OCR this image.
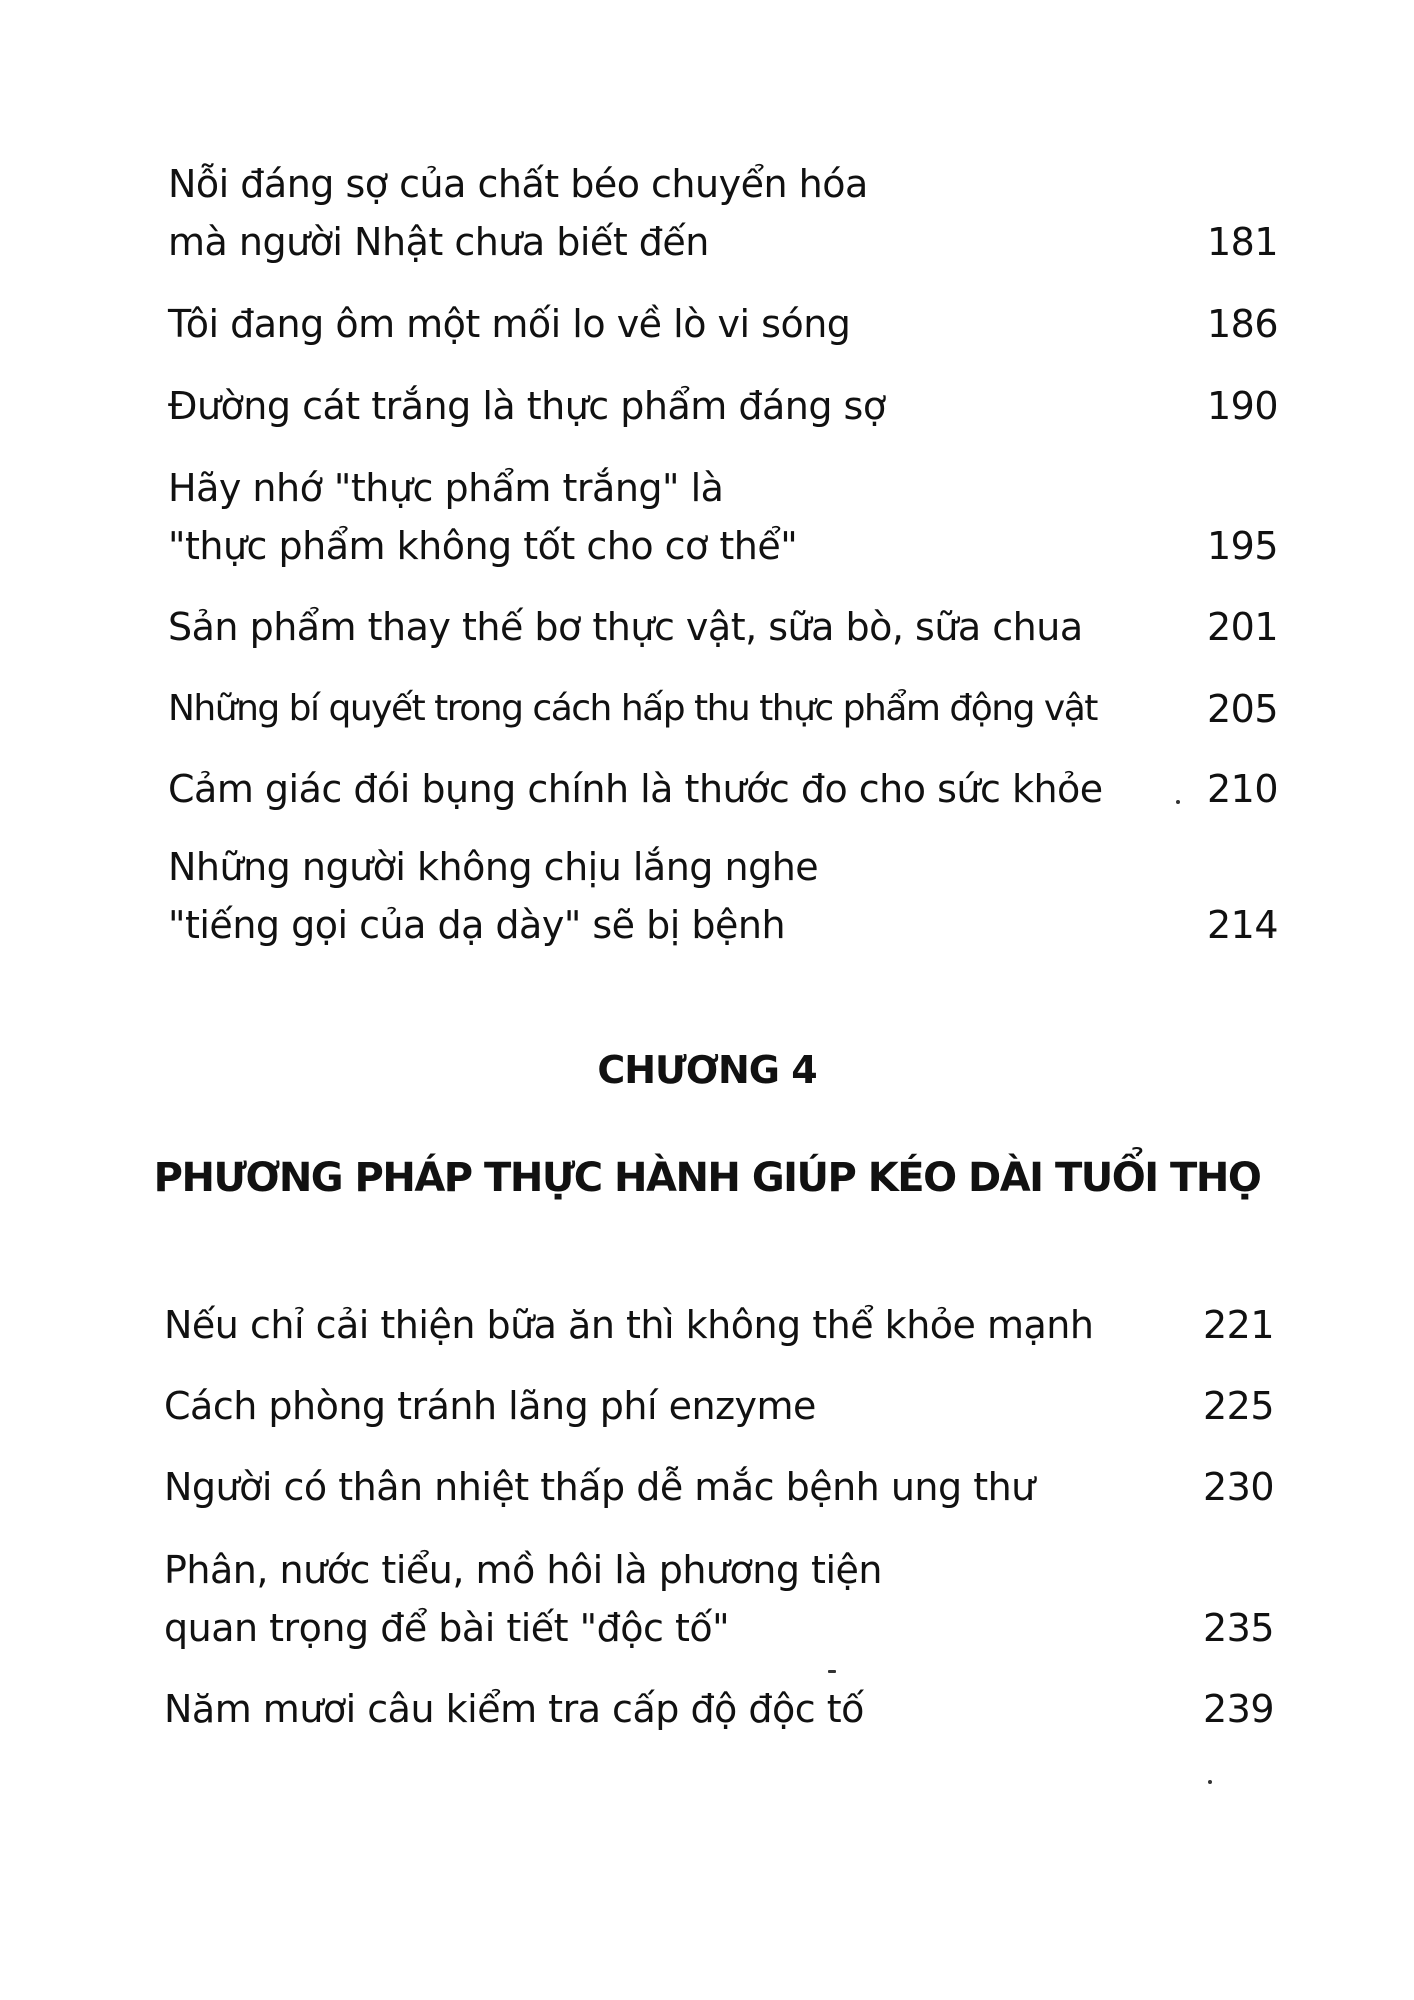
Nỗi đáng sợ của chất béo chuyển hóa
mà người Nhật chưa biết đến	181
Tôi đang ôm một mối lo về lò vi sóng	186
Đường cát trắng là thực phẩm đáng sợ	190
Hãy nhớ "thực phẩm trắng" là
"thực phẩm không tốt cho cơ thể"	195
Sản phẩm thay thế bơ thực vật, sữa bò, sữa chua	201
Những bí quyết trong cách hấp thu thực phẩm động vật	205
Cảm giác đói bụng chính là thước đo cho sức khỏe	210
Những người không chịu lắng nghe
"tiếng gọi của dạ dày" sẽ bị bệnh	214
CHƯƠNG 4
PHƯƠNG PHÁP THỰC HÀNH GIÚP KÉO DÀI TUỔI THỌ
Nếu chỉ cải thiện bữa ăn thì không thể khỏe mạnh	221
Cách phòng tránh lãng phí enzyme	225
Người có thân nhiệt thấp dễ mắc bệnh ung thư	230
Phân, nước tiểu, mồ hôi là phương tiện
quan trọng để bài tiết "độc tố"	235
Năm mươi câu kiểm tra cấp độ độc tố	239
